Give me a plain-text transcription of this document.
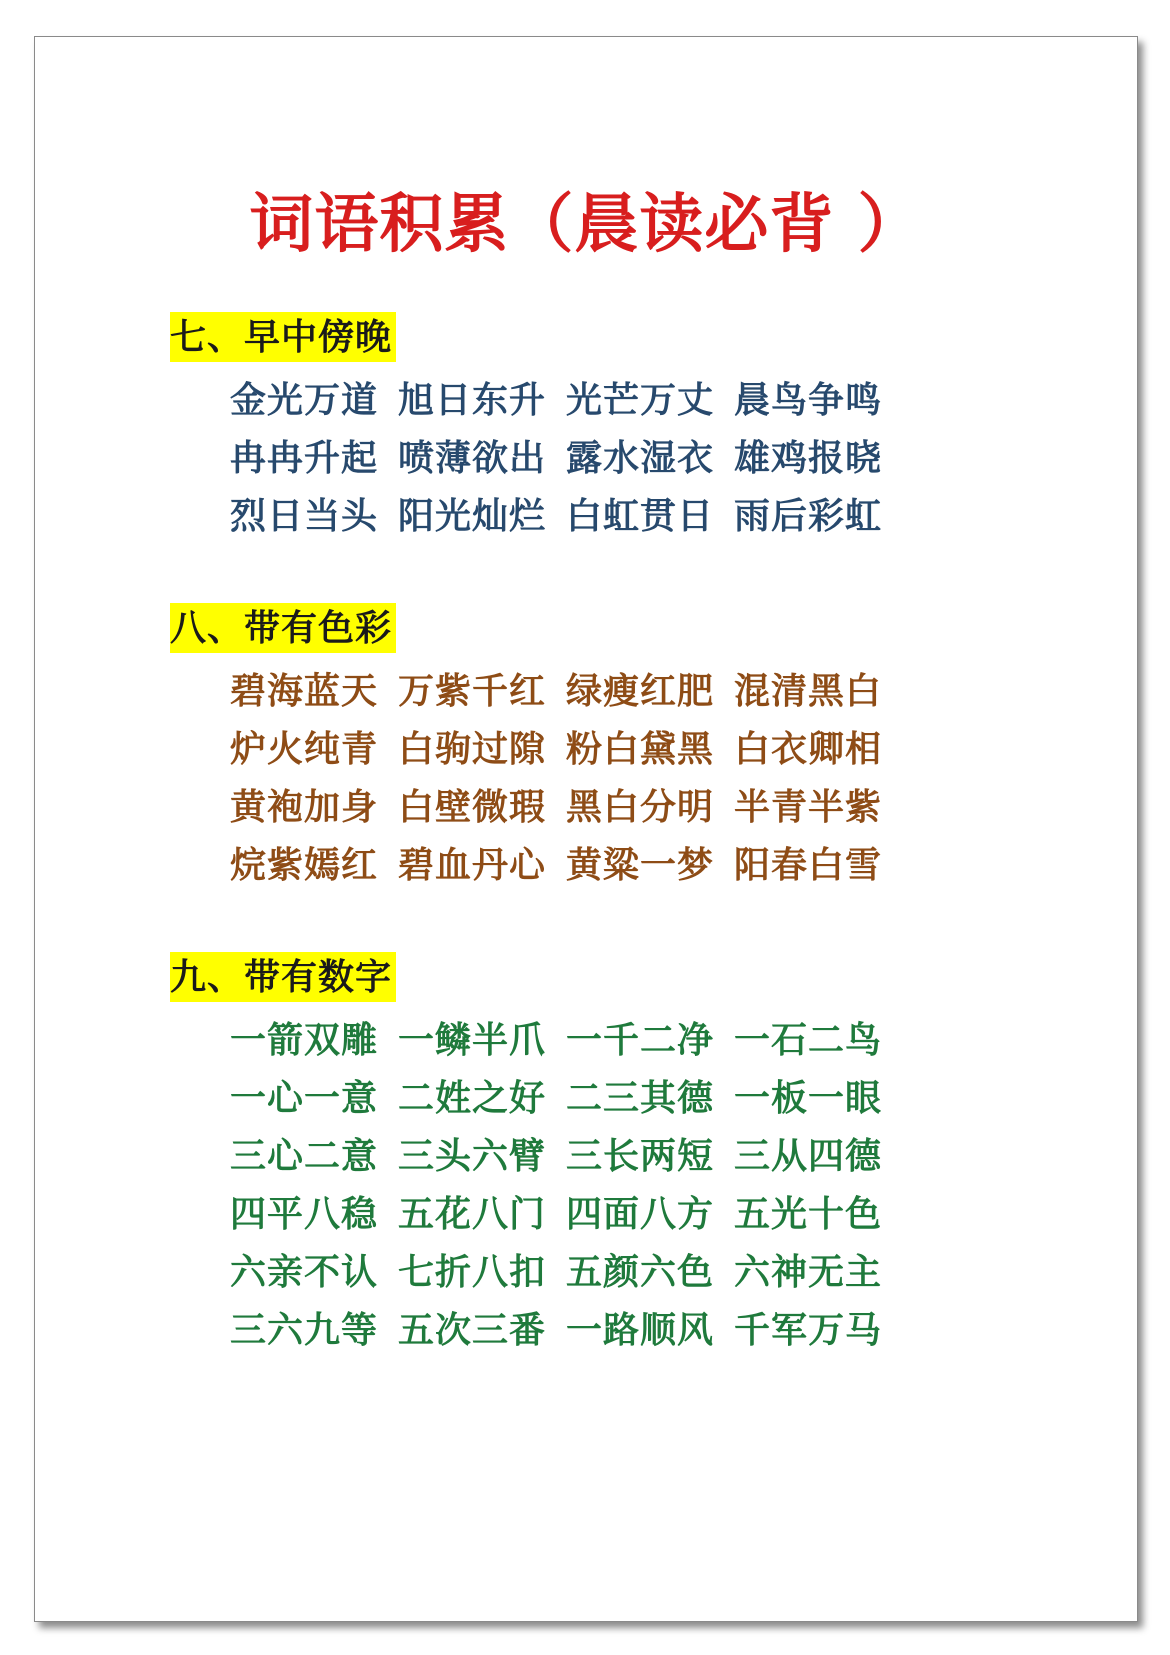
词语积累（晨读必背 ）
七、早中傍晚
金光万道 旭日东升 光芒万丈 晨鸟争鸣
冉冉升起 喷薄欲出 露水湿衣 雄鸡报晓
烈日当头 阳光灿烂 白虹贯日 雨后彩虹
八、带有色彩
碧海蓝天 万紫千红 绿瘦红肥 混清黑白
炉火纯青 白驹过隙 粉白黛黑 白衣卿相
黄袍加身 白壁微瑕 黑白分明 半青半紫
烷紫嫣红 碧血丹心 黄粱一梦 阳春白雪
九、带有数字
一箭双雕 一鳞半爪 一千二净 一石二鸟
一心一意 二姓之好 二三其德 一板一眼
三心二意 三头六臂 三长两短 三从四德
四平八稳 五花八门 四面八方 五光十色
六亲不认 七折八扣 五颜六色 六神无主
三六九等 五次三番 一路顺风 千军万马
